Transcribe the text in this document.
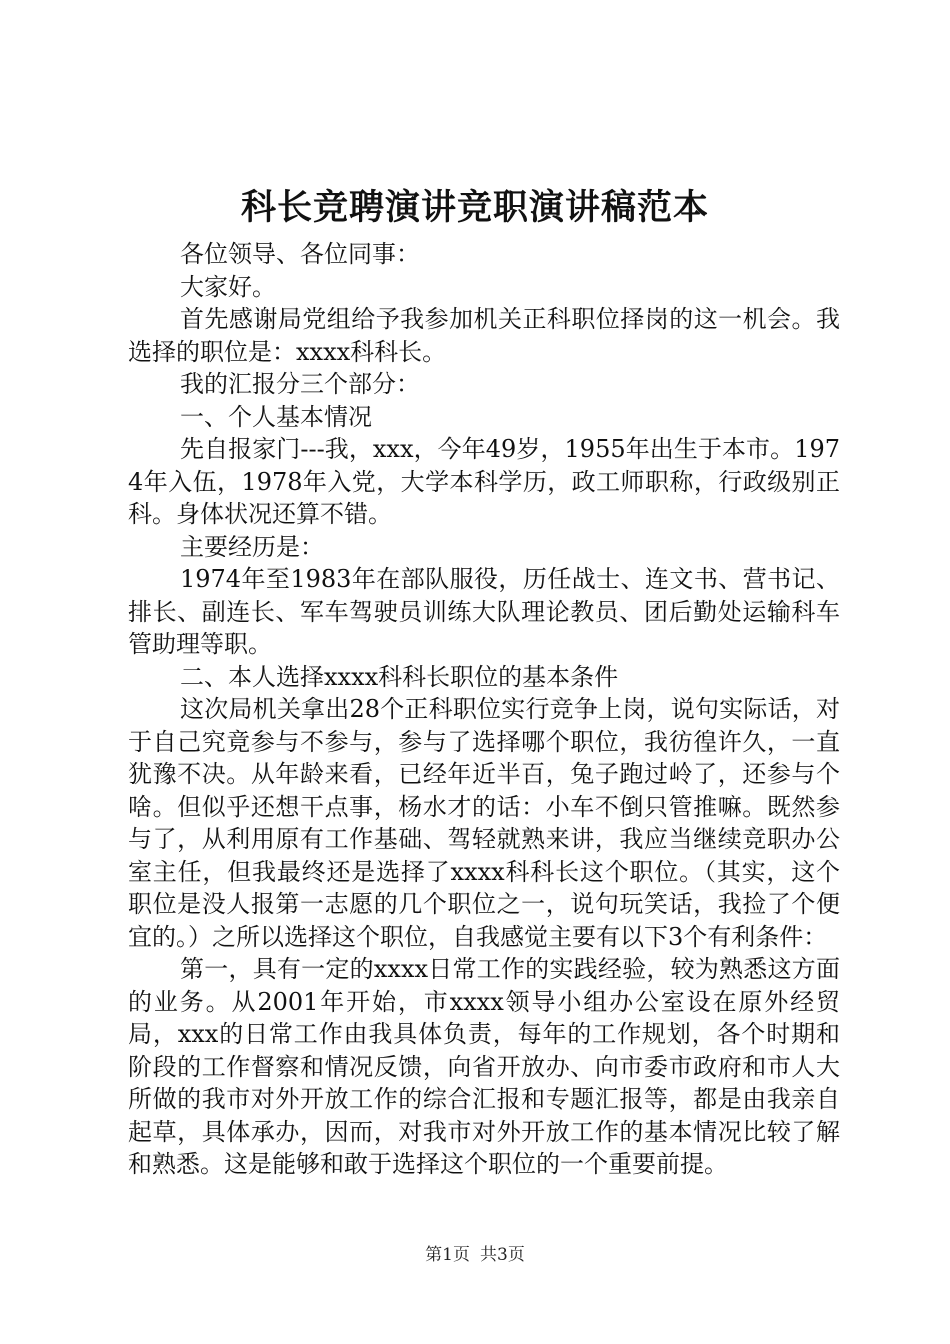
科长竞聘演讲竞职演讲稿范本

各位领导、各位同事：

大家好。

首先感谢局党组给予我参加机关正科职位择岗的这一机会。我选择的职位是：xxxx科科长。

我的汇报分三个部分：

一、个人基本情况

先自报家门---我，xxx，今年49岁，1955年出生于本市。1974年入伍，1978年入党，大学本科学历，政工师职称，行政级别正科。身体状况还算不错。

主要经历是：

1974年至1983年在部队服役，历任战士、连文书、营书记、排长、副连长、军车驾驶员训练大队理论教员、团后勤处运输科车管助理等职。

二、本人选择xxxx科科长职位的基本条件

这次局机关拿出28个正科职位实行竞争上岗，说句实际话，对于自己究竟参与不参与，参与了选择哪个职位，我彷徨许久，一直犹豫不决。从年龄来看，已经年近半百，兔子跑过岭了，还参与个啥。但似乎还想干点事，杨水才的话：小车不倒只管推嘛。既然参与了，从利用原有工作基础、驾轻就熟来讲，我应当继续竞职办公室主任，但我最终还是选择了xxxx科科长这个职位。（其实，这个职位是没人报第一志愿的几个职位之一，说句玩笑话，我捡了个便宜的。）之所以选择这个职位，自我感觉主要有以下3个有利条件：

第一，具有一定的xxxx日常工作的实践经验，较为熟悉这方面的业务。从2001年开始，市xxxx领导小组办公室设在原外经贸局，xxx的日常工作由我具体负责，每年的工作规划，各个时期和阶段的工作督察和情况反馈，向省开放办、向市委市政府和市人大所做的我市对外开放工作的综合汇报和专题汇报等，都是由我亲自起草，具体承办，因而，对我市对外开放工作的基本情况比较了解和熟悉。这是能够和敢于选择这个职位的一个重要前提。

第1页 共3页
